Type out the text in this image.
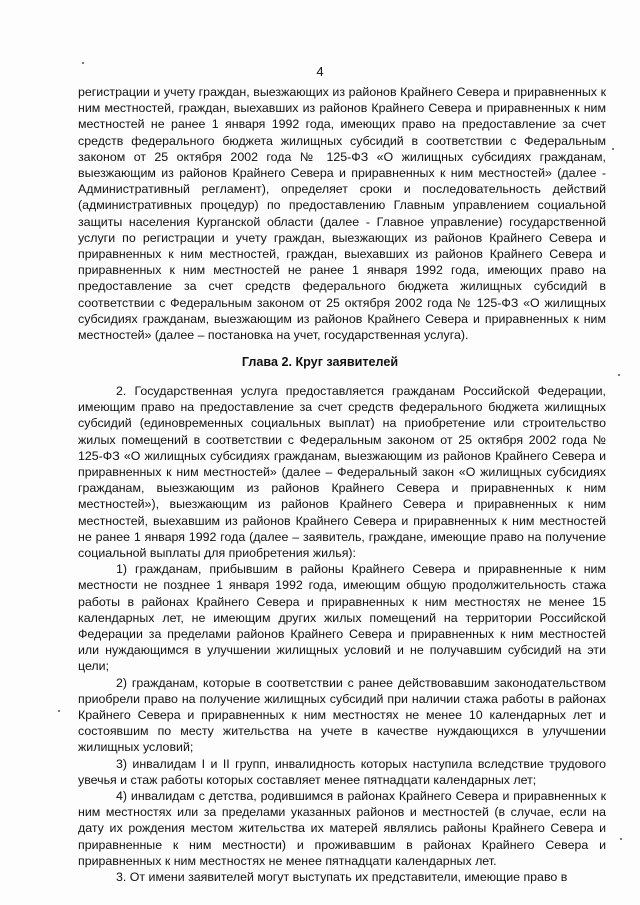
4

регистрации и учету граждан, выезжающих из районов Крайнего Севера и приравненных к ним местностей, граждан, выехавших из районов Крайнего Севера и приравненных к ним местностей не ранее 1 января 1992 года, имеющих право на предоставление за счет средств федерального бюджета жилищных субсидий в соответствии с Федеральным законом от 25 октября 2002 года № 125-ФЗ «О жилищных субсидиях гражданам, выезжающим из районов Крайнего Севера и приравненных к ним местностей» (далее - Административный регламент), определяет сроки и последовательность действий (административных процедур) по предоставлению Главным управлением социальной защиты населения Курганской области (далее - Главное управление) государственной услуги по регистрации и учету граждан, выезжающих из районов Крайнего Севера и приравненных к ним местностей, граждан, выехавших из районов Крайнего Севера и приравненных к ним местностей не ранее 1 января 1992 года, имеющих право на предоставление за счет средств федерального бюджета жилищных субсидий в соответствии с Федеральным законом от 25 октября 2002 года № 125-ФЗ «О жилищных субсидиях гражданам, выезжающим из районов Крайнего Севера и приравненных к ним местностей» (далее – постановка на учет, государственная услуга).

Глава 2. Круг заявителей

2. Государственная услуга предоставляется гражданам Российской Федерации, имеющим право на предоставление за счет средств федерального бюджета жилищных субсидий (единовременных социальных выплат) на приобретение или строительство жилых помещений в соответствии с Федеральным законом от 25 октября 2002 года № 125-ФЗ «О жилищных субсидиях гражданам, выезжающим из районов Крайнего Севера и приравненных к ним местностей» (далее – Федеральный закон «О жилищных субсидиях гражданам, выезжающим из районов Крайнего Севера и приравненных к ним местностей»), выезжающим из районов Крайнего Севера и приравненных к ним местностей, выехавшим из районов Крайнего Севера и приравненных к ним местностей не ранее 1 января 1992 года (далее – заявитель, граждане, имеющие право на получение социальной выплаты для приобретения жилья):

1) гражданам, прибывшим в районы Крайнего Севера и приравненные к ним местности не позднее 1 января 1992 года, имеющим общую продолжительность стажа работы в районах Крайнего Севера и приравненных к ним местностях не менее 15 календарных лет, не имеющим других жилых помещений на территории Российской Федерации за пределами районов Крайнего Севера и приравненных к ним местностей или нуждающимся в улучшении жилищных условий и не получавшим субсидий на эти цели;

2) гражданам, которые в соответствии с ранее действовавшим законодательством приобрели право на получение жилищных субсидий при наличии стажа работы в районах Крайнего Севера и приравненных к ним местностях не менее 10 календарных лет и состоявшим по месту жительства на учете в качестве нуждающихся в улучшении жилищных условий;

3) инвалидам I и II групп, инвалидность которых наступила вследствие трудового увечья и стаж работы которых составляет менее пятнадцати календарных лет;

4) инвалидам с детства, родившимся в районах Крайнего Севера и приравненных к ним местностях или за пределами указанных районов и местностей (в случае, если на дату их рождения местом жительства их матерей являлись районы Крайнего Севера и приравненные к ним местности) и проживавшим в районах Крайнего Севера и приравненных к ним местностях не менее пятнадцати календарных лет.

3. От имени заявителей могут выступать их представители, имеющие право в
